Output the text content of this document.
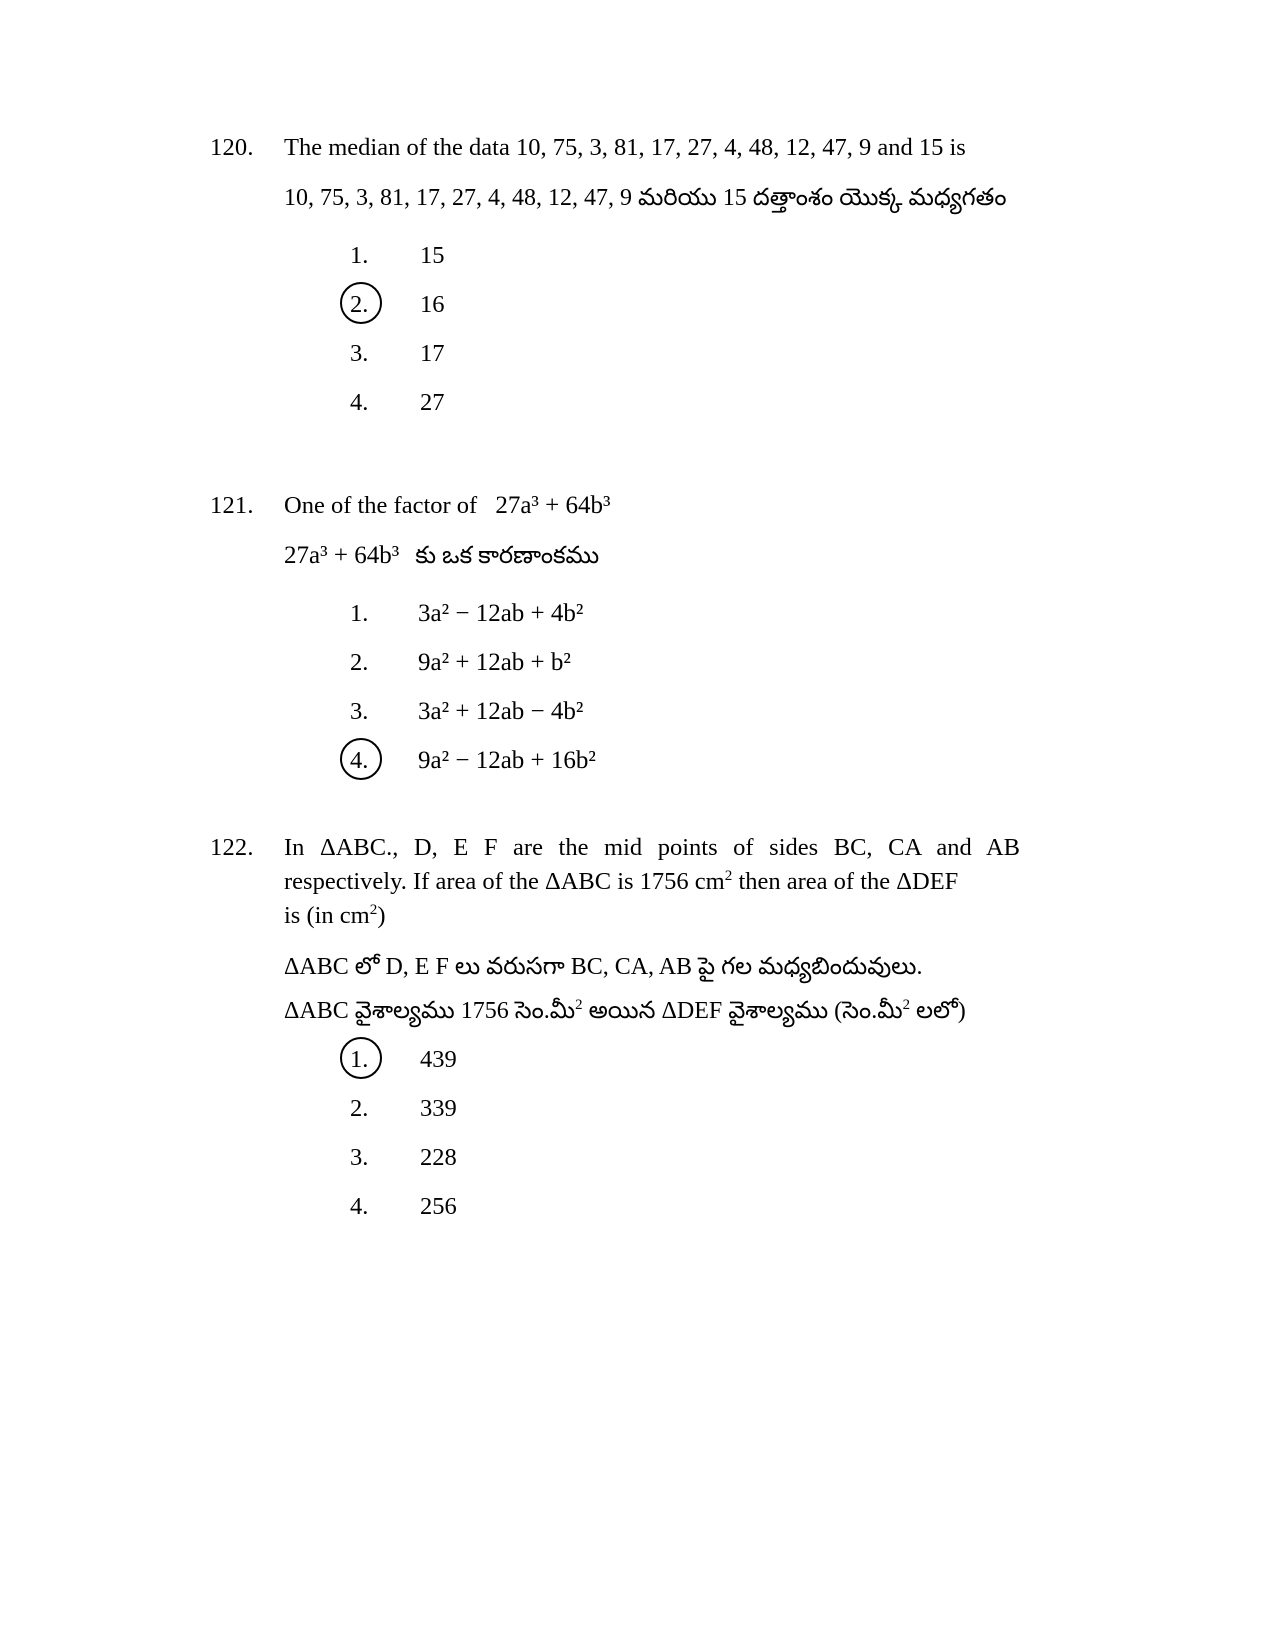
120.	The median of the data 10, 75, 3, 81, 17, 27, 4, 48, 12, 47, 9 and 15 is
10, 75, 3, 81, 17, 27, 4, 48, 12, 47, 9 మరియు 15 దత్తాంశం యొక్క మధ్యగతం
1.	15
2.	16
3.	17
4.	27
121.	One of the factor of 27a³ + 64b³
27a³ + 64b³ కు ఒక కారణాంకము
1.	3a² − 12ab + 4b²
2.	9a² + 12ab + b²
3.	3a² + 12ab − 4b²
4.	9a² − 12ab + 16b²
122.	In ΔABC., D, E F are the mid points of sides BC, CA and AB
respectively. If area of the ΔABC is 1756 $cm^2$ then area of the ΔDEF
is (in $cm^2$)
ΔABC లో D, E F లు వరుసగా BC, CA, AB పై గల మధ్యబిందువులు.
ΔABC వైశాల్యము 1756 సెం.మీ$^2$ అయిన ΔDEF వైశాల్యము (సెం.మీ$^2$ లలో)
1.	439
2.	339
3.	228
4.	256
